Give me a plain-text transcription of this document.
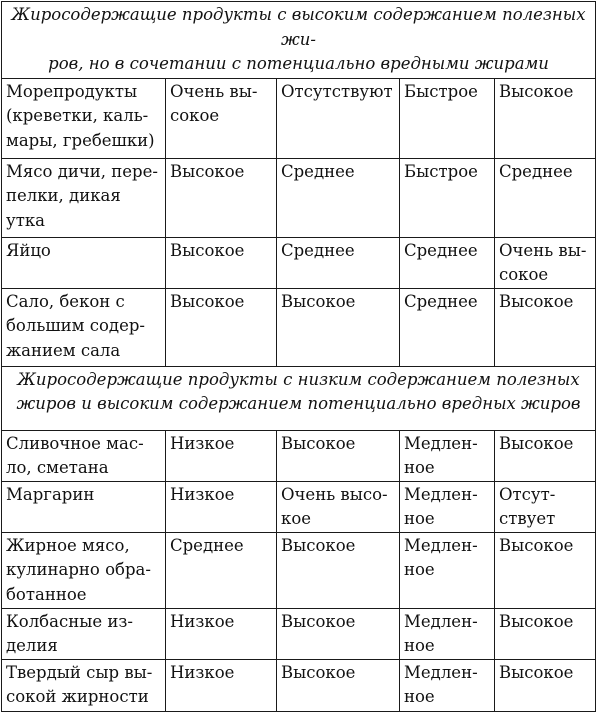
Жиросодержащие продукты с высоким содержанием полезных жи-
ров, но в сочетании с потенциально вредными жирами				
Морепродукты
(креветки, каль-
мары, гребешки)	Очень вы-
сокое	Отсутствуют	Быстрое	Высокое
Мясо дичи, пере-
пелки, дикая
утка	Высокое	Среднее	Быстрое	Среднее
Яйцо	Высокое	Среднее	Среднее	Очень вы-
сокое
Сало, бекон с
большим содер-
жанием сала	Высокое	Высокое	Среднее	Высокое
Жиросодержащие продукты с низким содержанием полезных
жиров и высоким содержанием потенциально вредных жиров				
Сливочное мас-
ло, сметана	Низкое	Высокое	Медлен-
ное	Высокое
Маргарин	Низкое	Очень высо-
кое	Медлен-
ное	Отсут-
ствует
Жирное мясо,
кулинарно обра-
ботанное	Среднее	Высокое	Медлен-
ное	Высокое
Колбасные из-
делия	Низкое	Высокое	Медлен-
ное	Высокое
Твердый сыр вы-
сокой жирности	Низкое	Высокое	Медлен-
ное	Высокое
